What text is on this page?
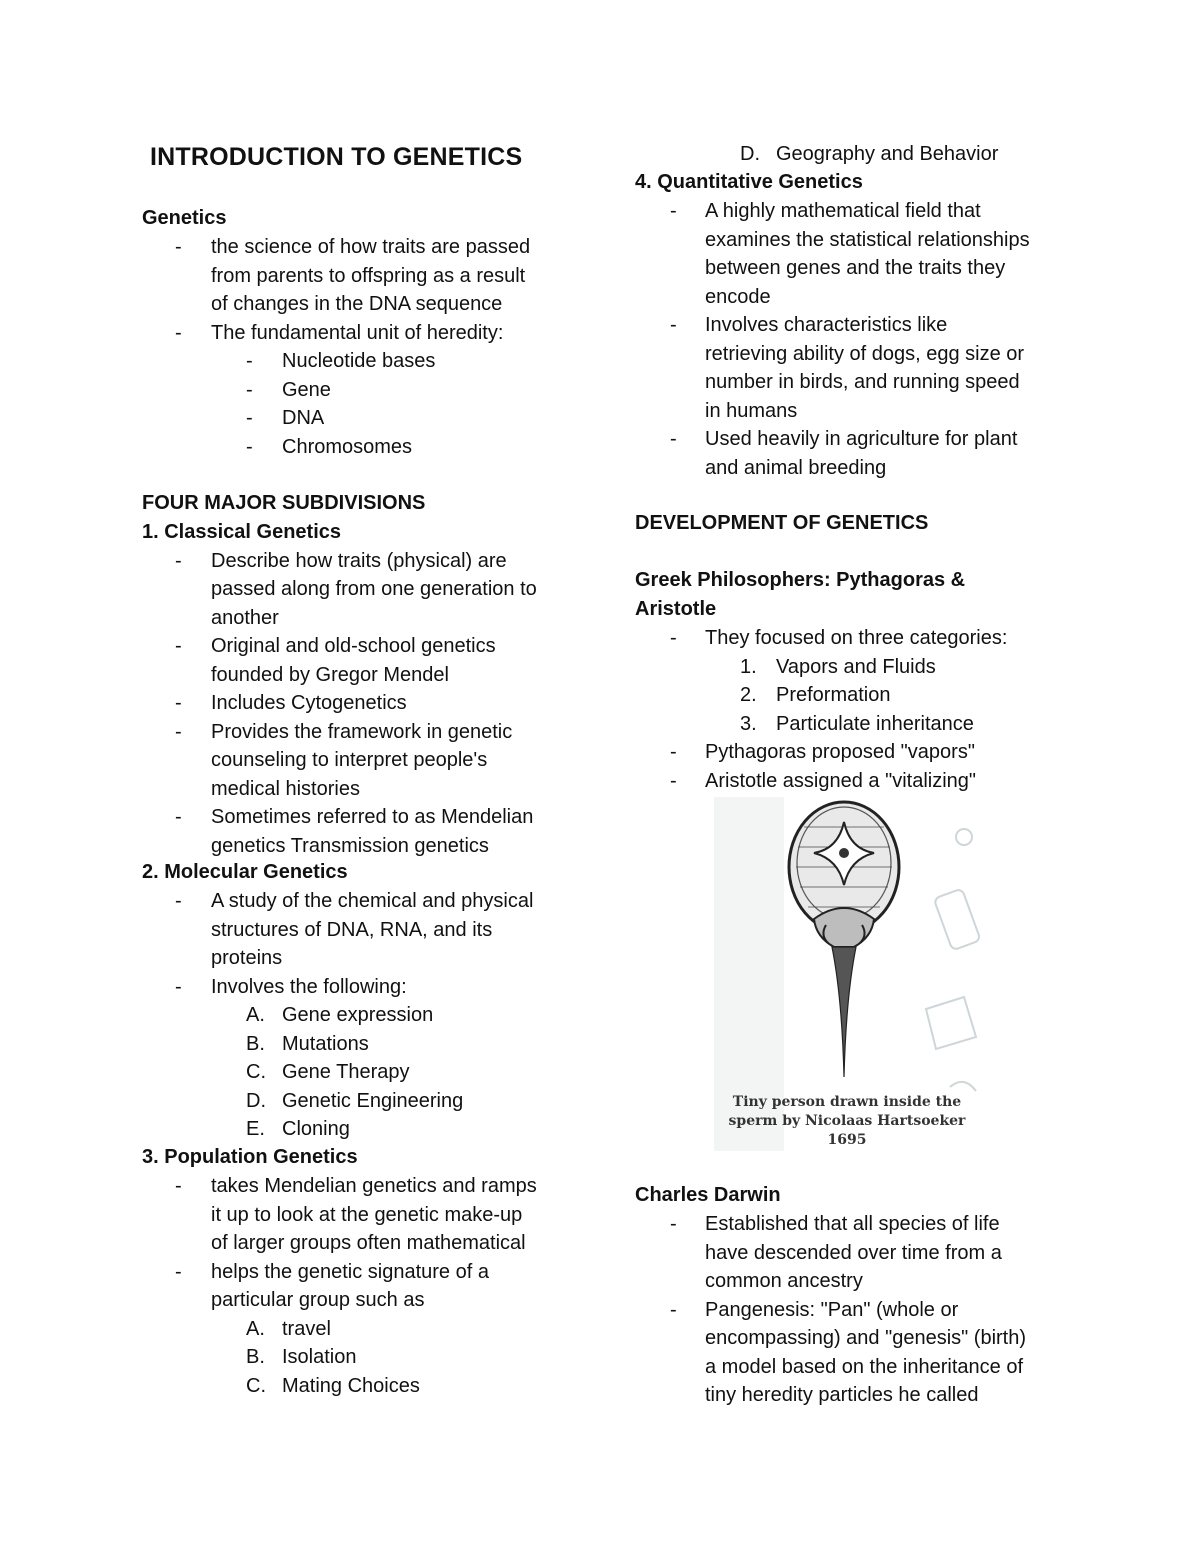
INTRODUCTION TO GENETICS
Genetics
- the science of how traits are passed
from parents to offspring as a result
of changes in the DNA sequence
- The fundamental unit of heredity:
- Nucleotide bases
- Gene
- DNA
- Chromosomes
FOUR MAJOR SUBDIVISIONS
1. Classical Genetics
- Describe how traits (physical) are
passed along from one generation to
another
- Original and old-school genetics
founded by Gregor Mendel
- Includes Cytogenetics
- Provides the framework in genetic
counseling to interpret people's
medical histories
- Sometimes referred to as Mendelian
genetics Transmission genetics
2. Molecular Genetics
- A study of the chemical and physical
structures of DNA, RNA, and its
proteins
- Involves the following:
A. Gene expression
B. Mutations
C. Gene Therapy
D. Genetic Engineering
E. Cloning
3. Population Genetics
- takes Mendelian genetics and ramps
it up to look at the genetic make-up
of larger groups often mathematical
- helps the genetic signature of a
particular group such as
A. travel
B. Isolation
C. Mating Choices
D. Geography and Behavior
4. Quantitative Genetics
- A highly mathematical field that
examines the statistical relationships
between genes and the traits they
encode
- Involves characteristics like
retrieving ability of dogs, egg size or
number in birds, and running speed
in humans
- Used heavily in agriculture for plant
and animal breeding
DEVELOPMENT OF GENETICS
Greek Philosophers: Pythagoras &
Aristotle
- They focused on three categories:
1. Vapors and Fluids
2. Preformation
3. Particulate inheritance
- Pythagoras proposed "vapors"
- Aristotle assigned a "vitalizing"
Tiny person drawn inside the
sperm by Nicolaas Hartsoeker
1695
Charles Darwin
- Established that all species of life
have descended over time from a
common ancestry
- Pangenesis: "Pan" (whole or
encompassing) and "genesis" (birth)
a model based on the inheritance of
tiny heredity particles he called
